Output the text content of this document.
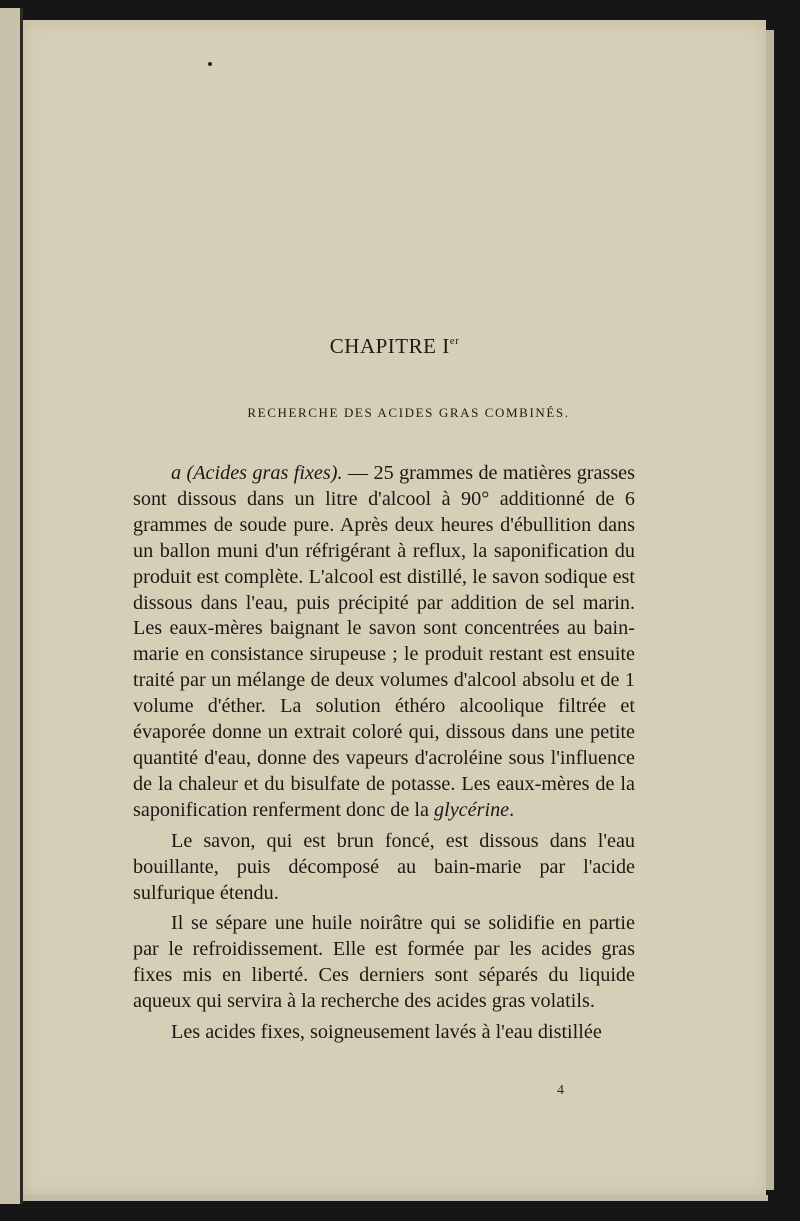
CHAPITRE Ier
RECHERCHE DES ACIDES GRAS COMBINÉS.

a (Acides gras fixes). — 25 grammes de matières grasses sont dissous dans un litre d'alcool à 90° additionné de 6 grammes de soude pure. Après deux heures d'ébullition dans un ballon muni d'un réfrigérant à reflux, la saponification du produit est complète. L'alcool est distillé, le savon sodique est dissous dans l'eau, puis précipité par addition de sel marin. Les eaux-mères baignant le savon sont concentrées au bain-marie en consistance sirupeuse ; le produit restant est ensuite traité par un mélange de deux volumes d'alcool absolu et de 1 volume d'éther. La solution éthéro alcoolique filtrée et évaporée donne un extrait coloré qui, dissous dans une petite quantité d'eau, donne des vapeurs d'acroléine sous l'influence de la chaleur et du bisulfate de potasse. Les eaux-mères de la saponification renferment donc de la glycérine.

Le savon, qui est brun foncé, est dissous dans l'eau bouillante, puis décomposé au bain-marie par l'acide sulfurique étendu.

Il se sépare une huile noirâtre qui se solidifie en partie par le refroidissement. Elle est formée par les acides gras fixes mis en liberté. Ces derniers sont séparés du liquide aqueux qui servira à la recherche des acides gras volatils.

Les acides fixes, soigneusement lavés à l'eau distillée

4
